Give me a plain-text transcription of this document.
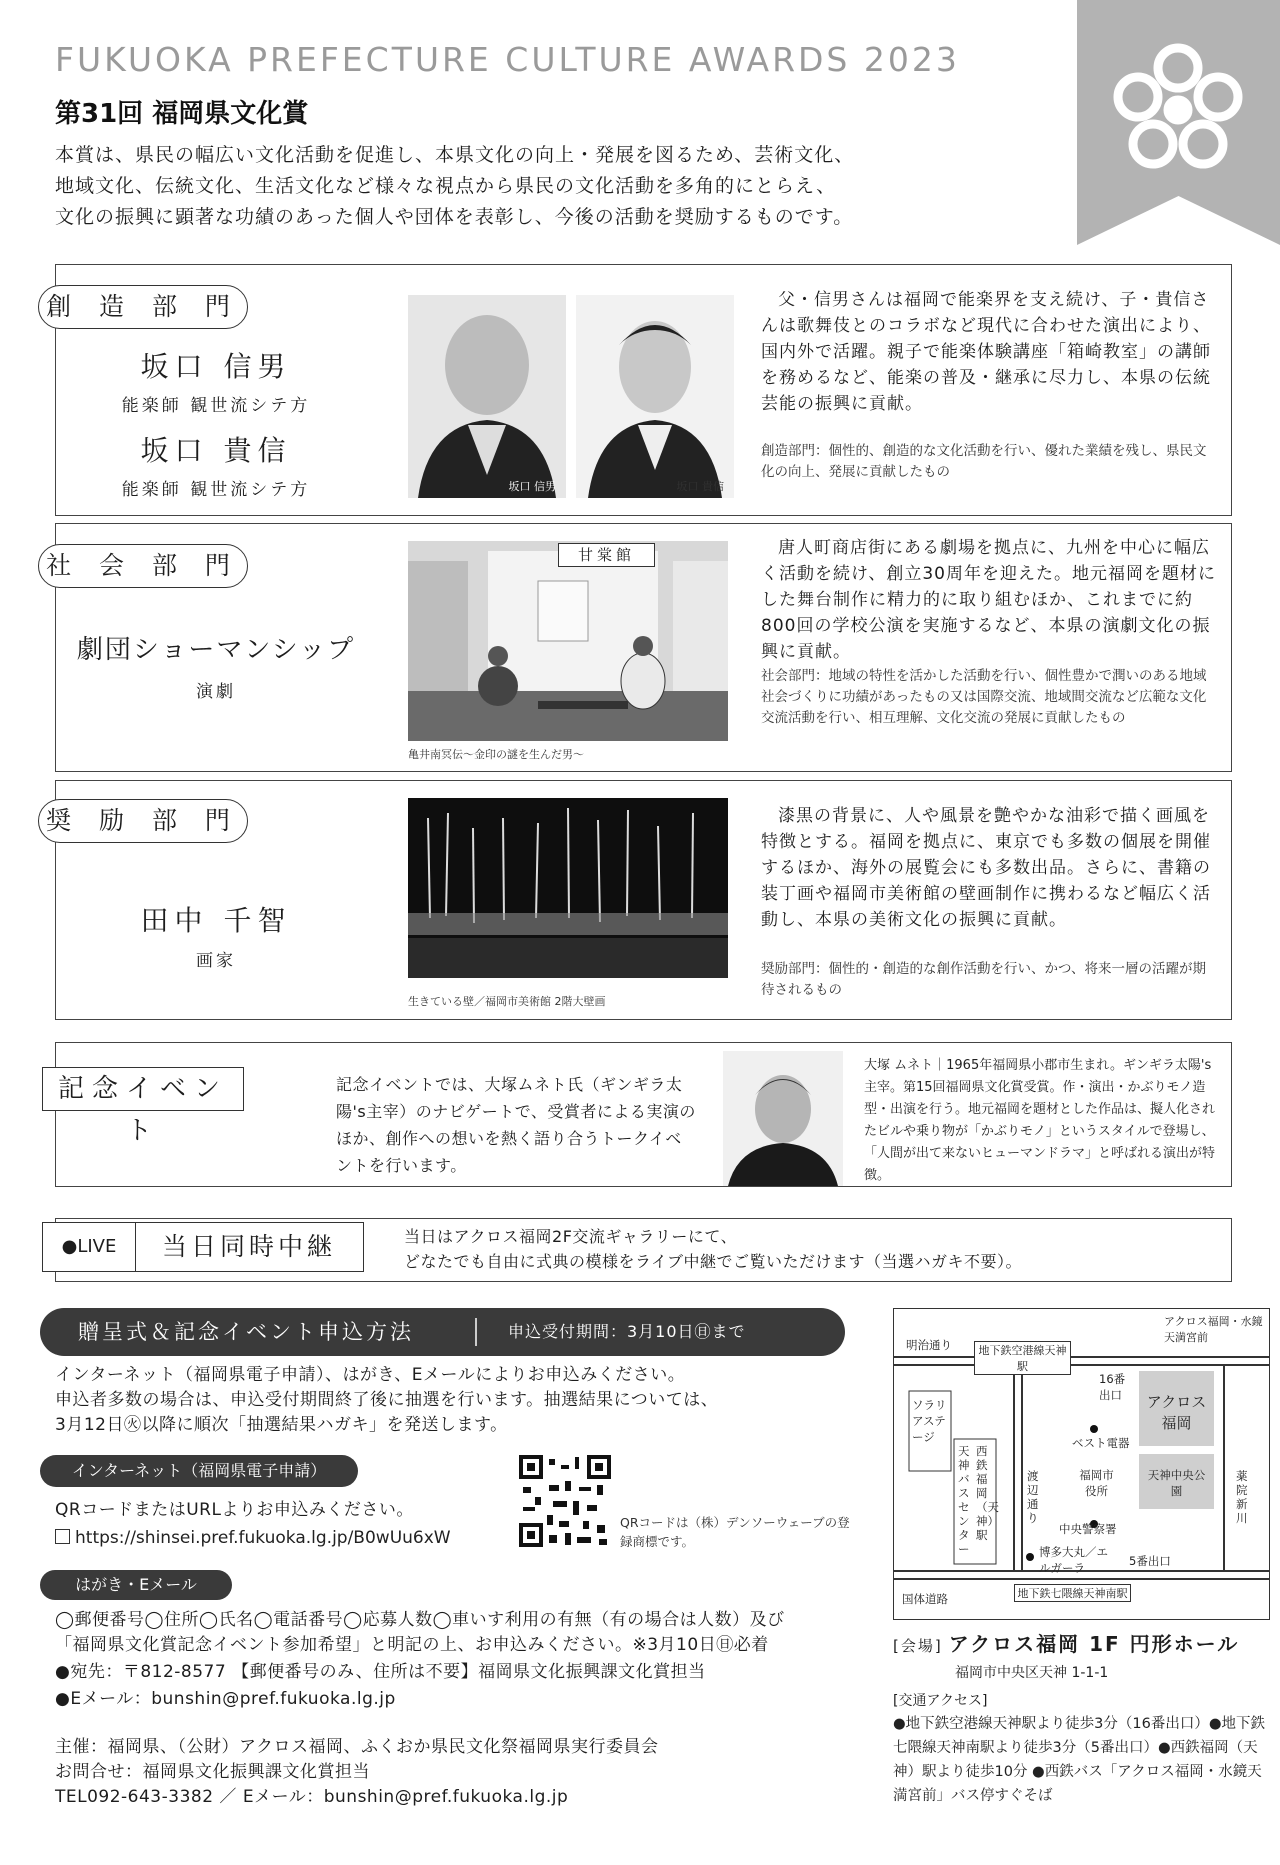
FUKUOKA PREFECTURE CULTURE AWARDS 2023
第31回 福岡県文化賞
本賞は、県民の幅広い文化活動を促進し、本県文化の向上・発展を図るため、芸術文化、
地域文化、伝統文化、生活文化など様々な視点から県民の文化活動を多角的にとらえ、
文化の振興に顕著な功績のあった個人や団体を表彰し、今後の活動を奨励するものです。
創 造 部 門
坂口 信男
能楽師 観世流シテ方
坂口 貴信
能楽師 観世流シテ方	坂口 信男	坂口 貴信
父・信男さんは福岡で能楽界を支え続け、子・貴信さんは歌舞伎とのコラボなど現代に合わせた演出により、国内外で活躍。親子で能楽体験講座「箱崎教室」の講師を務めるなど、能楽の普及・継承に尽力し、本県の伝統芸能の振興に貢献。
創造部門：個性的、創造的な文化活動を行い、優れた業績を残し、県民文化の向上、発展に貢献したもの
社 会 部 門
劇団ショーマンシップ
演劇
甘棠館
亀井南冥伝～金印の謎を生んだ男～
唐人町商店街にある劇場を拠点に、九州を中心に幅広く活動を続け、創立30周年を迎えた。地元福岡を題材にした舞台制作に精力的に取り組むほか、これまでに約800回の学校公演を実施するなど、本県の演劇文化の振興に貢献。
社会部門：地域の特性を活かした活動を行い、個性豊かで潤いのある地域社会づくりに功績があったもの又は国際交流、地域間交流など広範な文化交流活動を行い、相互理解、文化交流の発展に貢献したもの
奨 励 部 門
田中 千智
画家
生きている壁／福岡市美術館 2階大壁画
漆黒の背景に、人や風景を艶やかな油彩で描く画風を特徴とする。福岡を拠点に、東京でも多数の個展を開催するほか、海外の展覧会にも多数出品。さらに、書籍の装丁画や福岡市美術館の壁画制作に携わるなど幅広く活動し、本県の美術文化の振興に貢献。
奨励部門：個性的・創造的な創作活動を行い、かつ、将来一層の活躍が期待されるもの
記念イベント
記念イベントでは、大塚ムネト氏（ギンギラ太陽's主宰）のナビゲートで、受賞者による実演のほか、創作への想いを熱く語り合うトークイベントを行います。
大塚 ムネト｜1965年福岡県小郡市生まれ。ギンギラ太陽's主宰。第15回福岡県文化賞受賞。作・演出・かぶりモノ造型・出演を行う。地元福岡を題材とした作品は、擬人化されたビルや乗り物が「かぶりモノ」というスタイルで登場し、「人間が出て来ないヒューマンドラマ」と呼ばれる演出が特徴。
●LIVE	当日同時中継	当日はアクロス福岡2F交流ギャラリーにて、
どなたでも自由に式典の模様をライブ中継でご覧いただけます（当選ハガキ不要）。
贈呈式＆記念イベント申込方法	申込受付期間：3月10日㊐まで
インターネット（福岡県電子申請）、はがき、Eメールによりお申込みください。
申込者多数の場合は、申込受付期間終了後に抽選を行います。抽選結果については、
3月12日㊋以降に順次「抽選結果ハガキ」を発送します。
インターネット（福岡県電子申請）
QRコードまたはURLよりお申込みください。
https://shinsei.pref.fukuoka.lg.jp/B0wUu6xW
QRコードは（株）デンソーウェーブの登録商標です。
はがき・Eメール
◯郵便番号◯住所◯氏名◯電話番号◯応募人数◯車いす利用の有無（有の場合は人数）及び
「福岡県文化賞記念イベント参加希望」と明記の上、お申込みください。※3月10日㊐必着
●宛先：〒812-8577 【郵便番号のみ、住所は不要】福岡県文化振興課文化賞担当
●Eメール：bunshin@pref.fukuoka.lg.jp
主催：福岡県、（公財）アクロス福岡、ふくおか県民文化祭福岡県実行委員会
お問合せ：福岡県文化振興課文化賞担当
TEL092-643-3382 ／ Eメール：bunshin@pref.fukuoka.lg.jp
明治通り	地下鉄空港線天神駅
アクロス福岡・水鏡天満宮前
16番出口	アクロス福岡
ソラリアステージ	ベスト電器
福岡市役所
天神中央公園
西鉄福岡（天神）駅
天神バスセンター
渡辺通り
中央警察署
博多大丸／エルガーラ	5番出口
薬院新川
国体道路	地下鉄七隈線天神南駅
[会場] アクロス福岡 1F 円形ホール
福岡市中央区天神 1-1-1
[交通アクセス]
●地下鉄空港線天神駅より徒歩3分（16番出口）●地下鉄七隈線天神南駅より徒歩3分（5番出口）●西鉄福岡（天神）駅より徒歩10分 ●西鉄バス「アクロス福岡・水鏡天満宮前」バス停すぐそば
